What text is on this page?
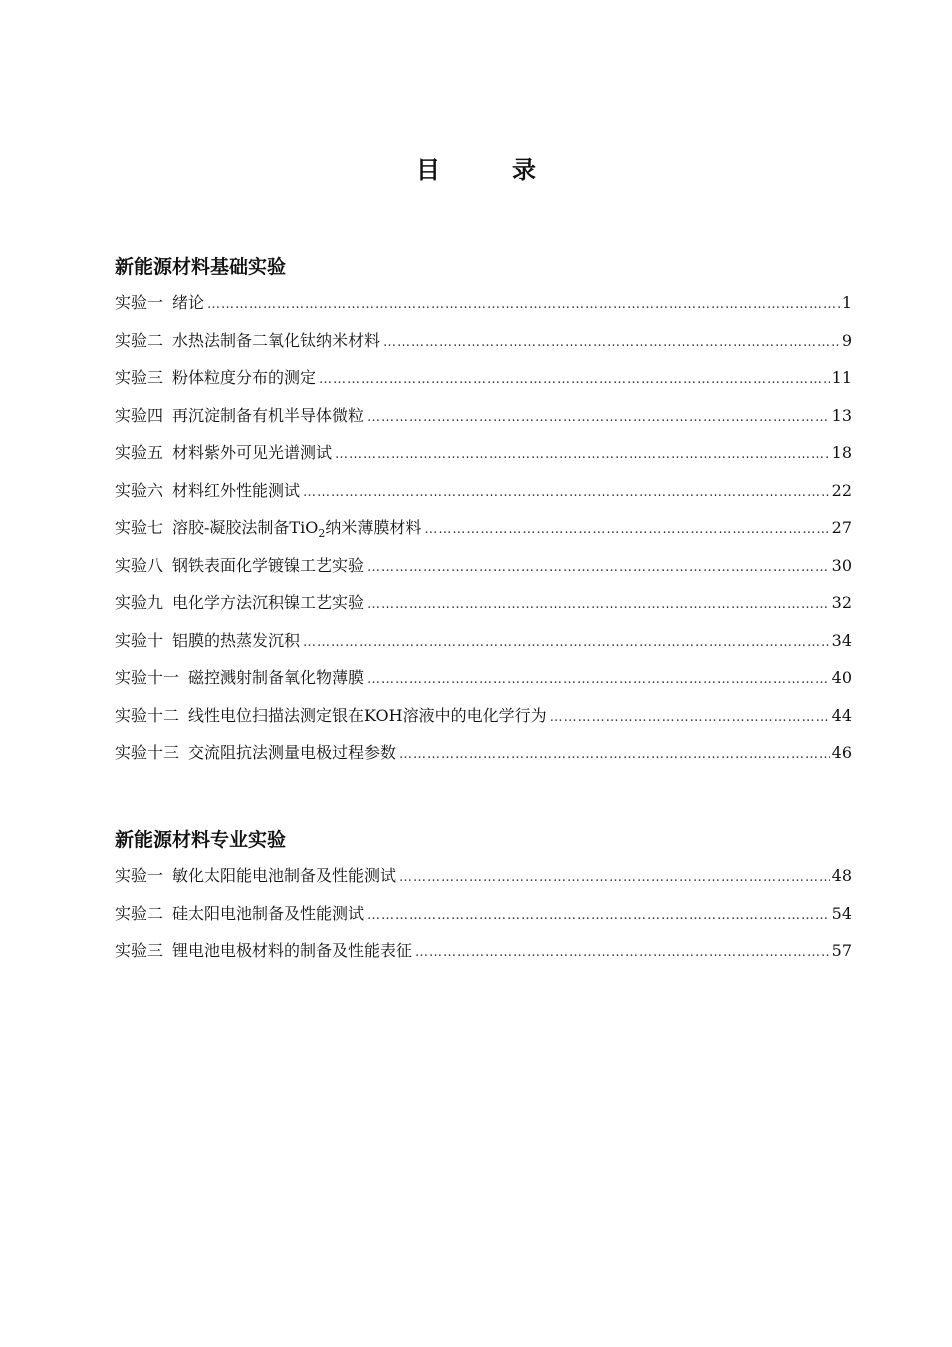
目　录
新能源材料基础实验
实验一 绪论 ……………………………………………………………………………………………………………………………………………………………………………………………………………………………………	1
实验二 水热法制备二氧化钛纳米材料 ……………………………………………………………………………………………………………………………………………………………………………………………………………………………………	9
实验三 粉体粒度分布的测定 ……………………………………………………………………………………………………………………………………………………………………………………………………………………………………	11
实验四 再沉淀制备有机半导体微粒 ……………………………………………………………………………………………………………………………………………………………………………………………………………………………………	13
实验五 材料紫外可见光谱测试 ……………………………………………………………………………………………………………………………………………………………………………………………………………………………………	18
实验六 材料红外性能测试 ……………………………………………………………………………………………………………………………………………………………………………………………………………………………………	22
实验七 溶胶-凝胶法制备TiO$_2$纳米薄膜材料 ……………………………………………………………………………………………………………………………………………………………………………………………………………………………………	27
实验八 钢铁表面化学镀镍工艺实验 ……………………………………………………………………………………………………………………………………………………………………………………………………………………………………	30
实验九 电化学方法沉积镍工艺实验 ……………………………………………………………………………………………………………………………………………………………………………………………………………………………………	32
实验十 铝膜的热蒸发沉积 ……………………………………………………………………………………………………………………………………………………………………………………………………………………………………	34
实验十一 磁控溅射制备氧化物薄膜 ……………………………………………………………………………………………………………………………………………………………………………………………………………………………………	40
实验十二 线性电位扫描法测定银在KOH溶液中的电化学行为 ……………………………………………………………………………………………………………………………………………………………………………………………………………………………………	44
实验十三 交流阻抗法测量电极过程参数 ……………………………………………………………………………………………………………………………………………………………………………………………………………………………………	46
新能源材料专业实验
实验一 敏化太阳能电池制备及性能测试 ……………………………………………………………………………………………………………………………………………………………………………………………………………………………………	48
实验二 硅太阳电池制备及性能测试 ……………………………………………………………………………………………………………………………………………………………………………………………………………………………………	54
实验三 锂电池电极材料的制备及性能表征 ……………………………………………………………………………………………………………………………………………………………………………………………………………………………………	57
